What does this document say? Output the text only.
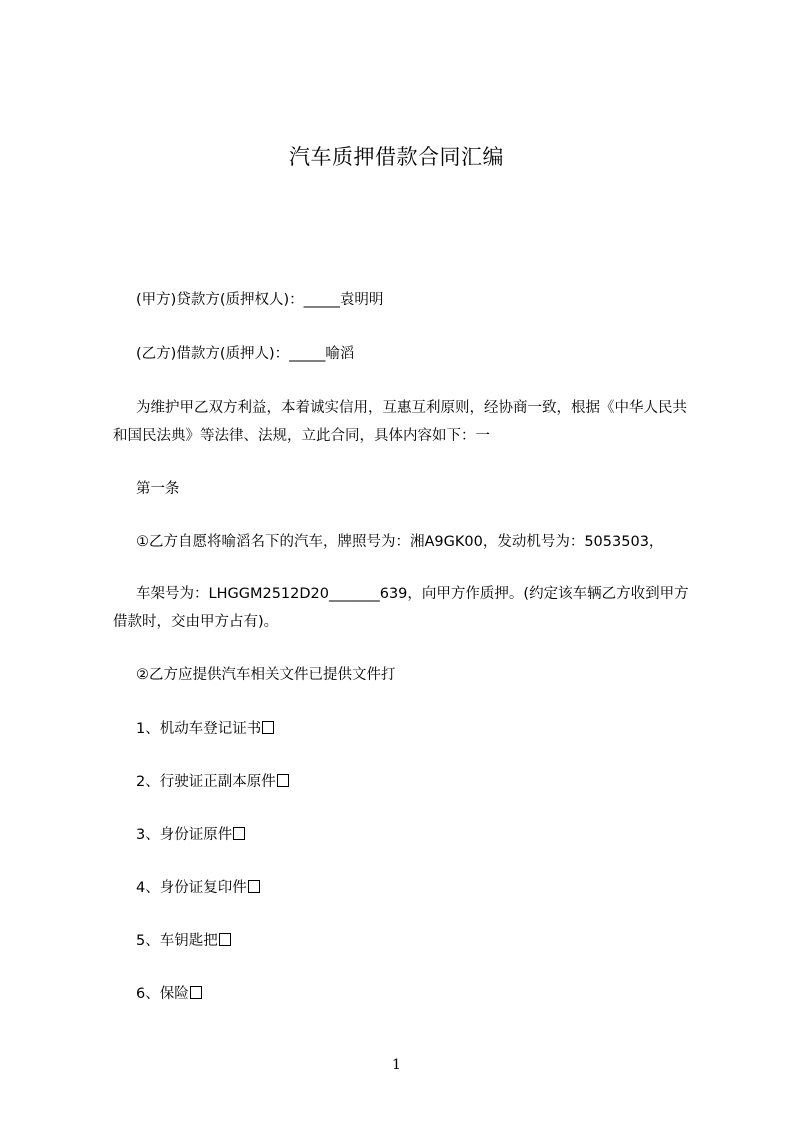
汽车质押借款合同汇编
(甲方)贷款方(质押权人)：_____袁明明
(乙方)借款方(质押人)：_____喻滔
为维护甲乙双方利益，本着诚实信用，互惠互利原则，经协商一致，根据《中华人民共和国民法典》等法律、法规，立此合同，具体内容如下：一
第一条
①乙方自愿将喻滔名下的汽车，牌照号为：湘A9GK00，发动机号为：5053503，
车架号为：LHGGM2512D20_______639，向甲方作质押。(约定该车辆乙方收到甲方借款时，交由甲方占有)。
②乙方应提供汽车相关文件已提供文件打
1、机动车登记证书
2、行驶证正副本原件
3、身份证原件
4、身份证复印件
5、车钥匙把
6、保险
1
